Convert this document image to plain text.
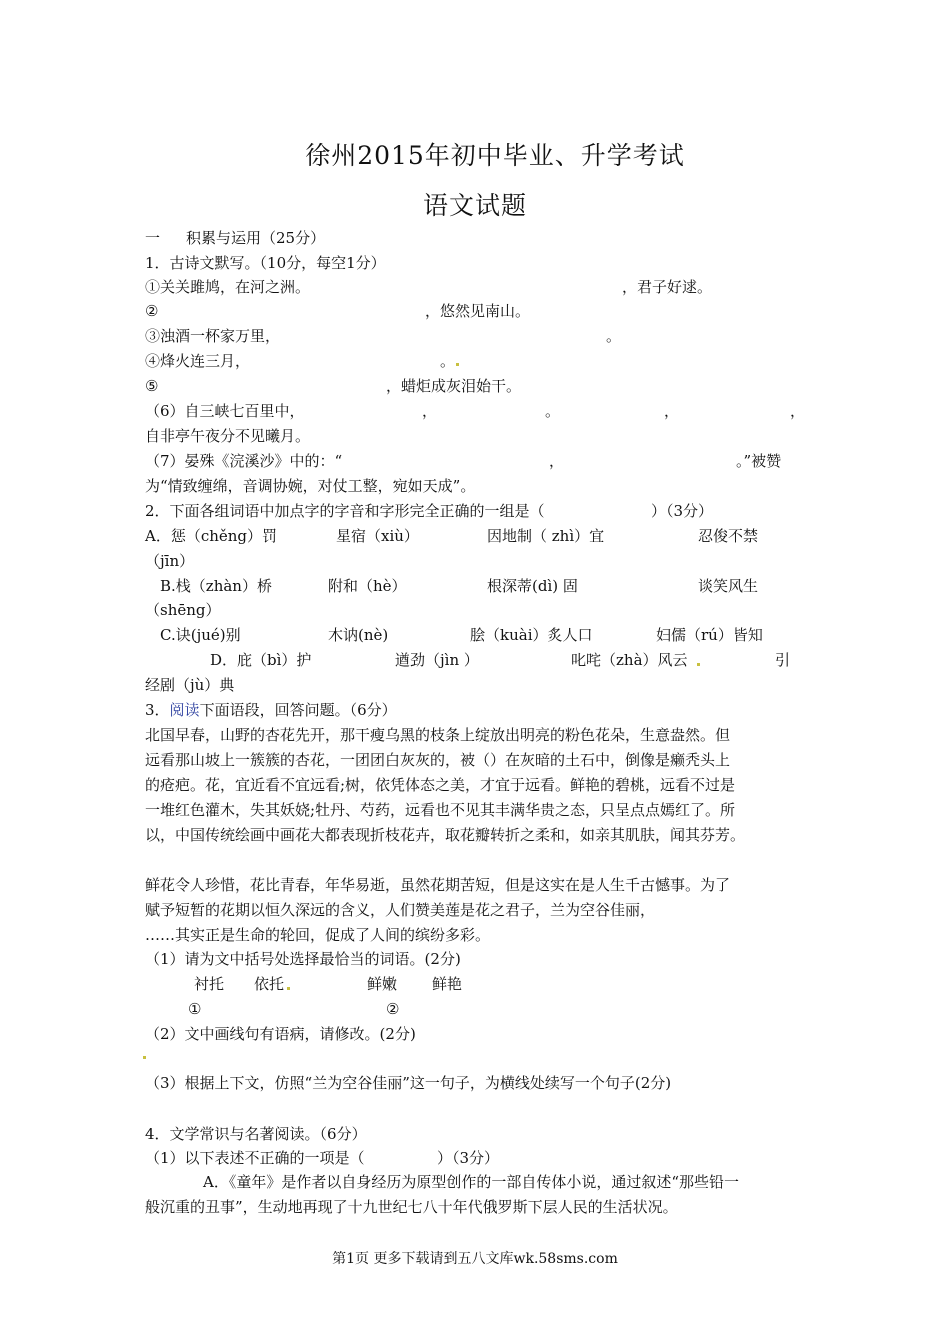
徐州2015年初中毕业、升学考试
语文试题
一 积累与运用（25分）
1．古诗文默写。（10分，每空1分）
①关关雎鸠，在河之洲。	，君子好逑。
②	，悠然见南山。
③浊酒一杯家万里，	。
④烽火连三月，	。
⑤	，蜡炬成灰泪始干。
（6）自三峡七百里中，	，	。	，	，
自非亭午夜分不见曦月。
（7）晏殊《浣溪沙》中的：“	，	。”被赞
为“情致缠绵，音调协婉，对仗工整，宛如天成”。
2．下面各组词语中加点字的字音和字形完全正确的一组是（	）（3分）
A．惩（chěng）罚	星宿（xiù）	因地制（ zhì）宜	忍俊不禁
（jīn）
B.栈（zhàn）桥	附和（hè）	根深蒂(dì) 固	谈笑风生
（shēng）
C.诀(jué)别	木讷(nè)	脍（kuài）炙人口	妇儒（rú）皆知
D．庇（bì）护	遒劲（jìn ）	叱咤（zhà）风云	引
经剧（jù）典
3．阅读下面语段，回答问题。（6分）
北国早春，山野的杏花先开，那干瘦乌黑的枝条上绽放出明亮的粉色花朵，生意盎然。但
远看那山坡上一簇簇的杏花，一团团白灰灰的，被（）在灰暗的土石中，倒像是癞秃头上
的疮疤。花，宜近看不宜远看;树，依凭体态之美，才宜于远看。鲜艳的碧桃，远看不过是
一堆红色灌木，失其妖娆;牡丹、芍药，远看也不见其丰满华贵之态，只呈点点嫣红了。所
以，中国传统绘画中画花大都表现折枝花卉，取花瓣转折之柔和，如亲其肌肤，闻其芬芳。
鲜花令人珍惜，花比青春，年华易逝，虽然花期苦短，但是这实在是人生千古憾事。为了
赋予短暂的花期以恒久深远的含义，人们赞美莲是花之君子，兰为空谷佳丽，
……其实正是生命的轮回，促成了人间的缤纷多彩。
（1）请为文中括号处选择最恰当的词语。(2分)
衬托 依托	鲜嫩 鲜艳
①	②
（2）文中画线句有语病，请修改。(2分)
（3）根据上下文，仿照“兰为空谷佳丽”这一句子，为横线处续写一个句子(2分)
4．文学常识与名著阅读。（6分）
（1）以下表述不正确的一项是（	）（3分）
A．《童年》是作者以自身经历为原型创作的一部自传体小说，通过叙述“那些铅一
般沉重的丑事”，生动地再现了十九世纪七八十年代俄罗斯下层人民的生活状况。
第1页 更多下载请到五八文库wk.58sms.com
